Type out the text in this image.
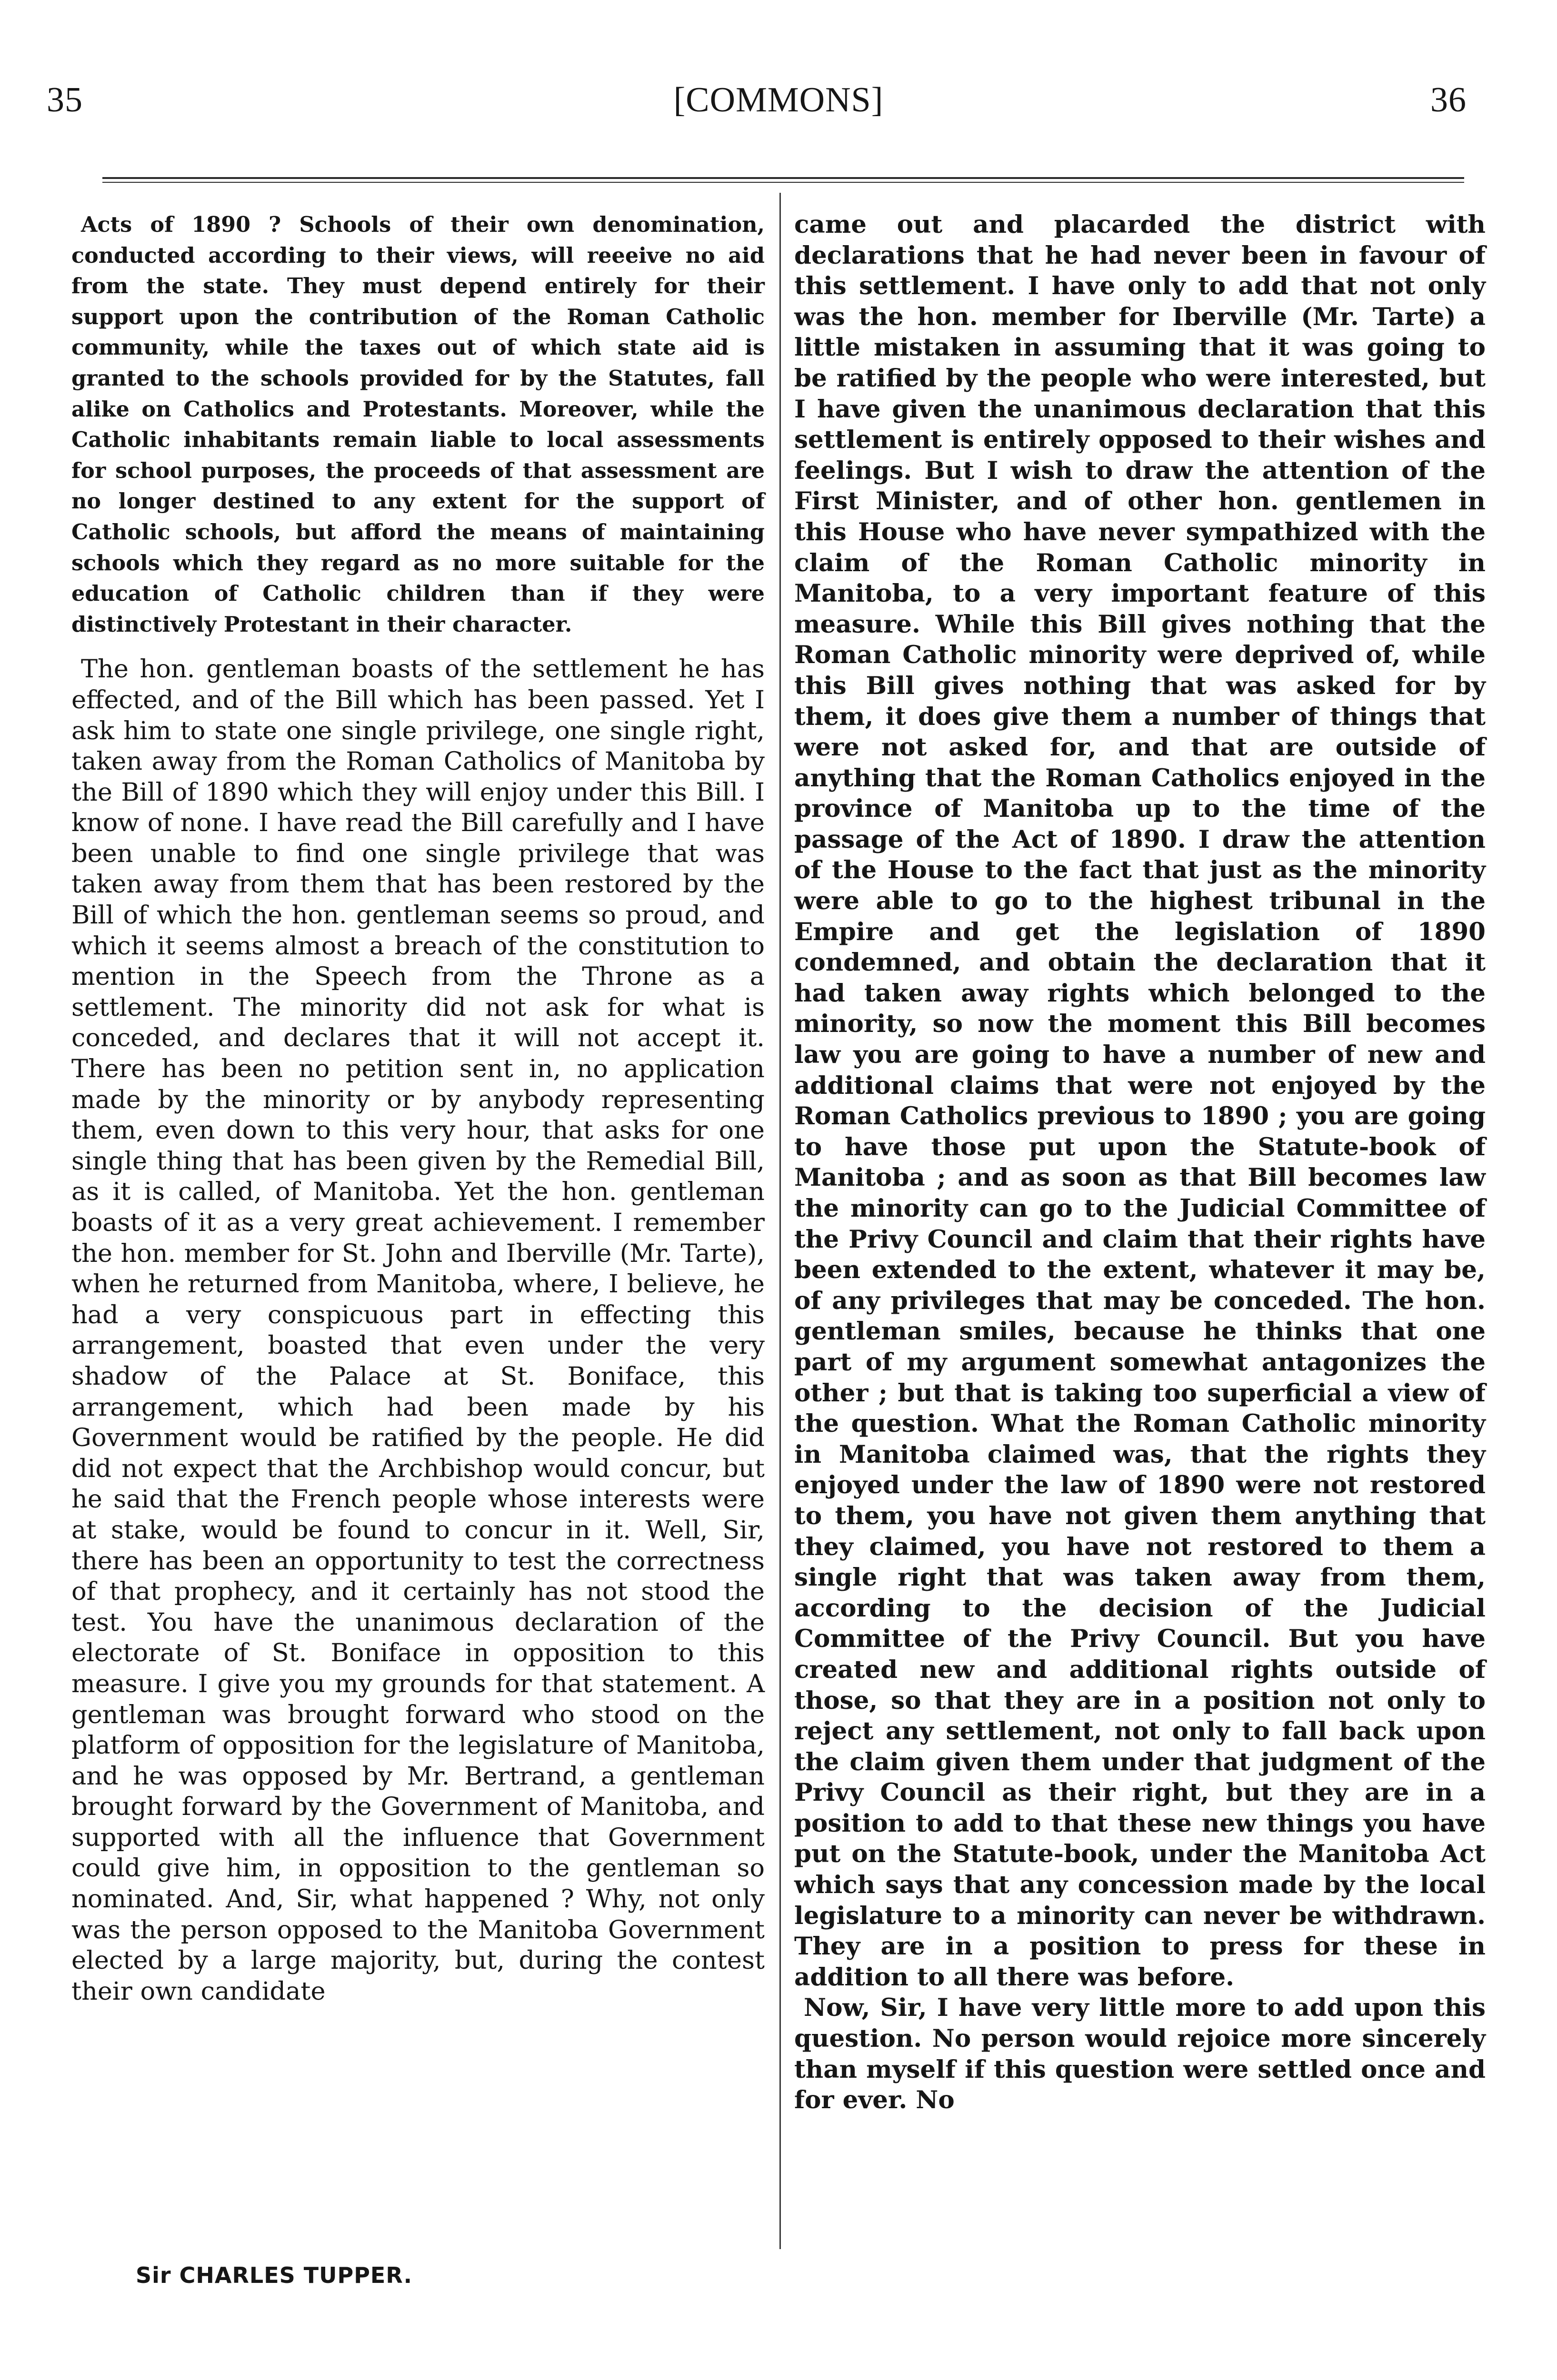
35	[COMMONS]	36

Acts of 1890 ? Schools of their own denomination, conducted according to their views, will reeeive no aid from the state. They must depend entirely for their support upon the contribution of the Roman Catholic community, while the taxes out of which state aid is granted to the schools provided for by the Statutes, fall alike on Catholics and Protestants. Moreover, while the Catholic inhabitants remain liable to local assessments for school purposes, the proceeds of that assessment are no longer destined to any extent for the support of Catholic schools, but afford the means of maintaining schools which they regard as no more suitable for the education of Catholic children than if they were distinctively Protestant in their character.

The hon. gentleman boasts of the settlement he has effected, and of the Bill which has been passed. Yet I ask him to state one single privilege, one single right, taken away from the Roman Catholics of Manitoba by the Bill of 1890 which they will enjoy under this Bill. I know of none. I have read the Bill carefully and I have been unable to find one single privilege that was taken away from them that has been restored by the Bill of which the hon. gentleman seems so proud, and which it seems almost a breach of the constitution to mention in the Speech from the Throne as a settlement. The minority did not ask for what is conceded, and declares that it will not accept it. There has been no petition sent in, no application made by the minority or by anybody representing them, even down to this very hour, that asks for one single thing that has been given by the Remedial Bill, as it is called, of Manitoba. Yet the hon. gentleman boasts of it as a very great achievement. I remember the hon. member for St. John and Iberville (Mr. Tarte), when he returned from Manitoba, where, I believe, he had a very conspicuous part in effecting this arrangement, boasted that even under the very shadow of the Palace at St. Boniface, this arrangement, which had been made by his Government would be ratified by the people. He did did not expect that the Archbishop would concur, but he said that the French people whose interests were at stake, would be found to concur in it. Well, Sir, there has been an opportunity to test the correctness of that prophecy, and it certainly has not stood the test. You have the unanimous declaration of the electorate of St. Boniface in opposition to this measure. I give you my grounds for that statement. A gentleman was brought forward who stood on the platform of opposition for the legislature of Manitoba, and he was opposed by Mr. Bertrand, a gentleman brought forward by the Government of Manitoba, and supported with all the influence that Government could give him, in opposition to the gentleman so nominated. And, Sir, what happened ? Why, not only was the person opposed to the Manitoba Government elected by a large majority, but, during the contest their own candidate

came out and placarded the district with declarations that he had never been in favour of this settlement. I have only to add that not only was the hon. member for Iberville (Mr. Tarte) a little mistaken in assuming that it was going to be ratified by the people who were interested, but I have given the unanimous declaration that this settlement is entirely opposed to their wishes and feelings. But I wish to draw the attention of the First Minister, and of other hon. gentlemen in this House who have never sympathized with the claim of the Roman Catholic minority in Manitoba, to a very important feature of this measure. While this Bill gives nothing that the Roman Catholic minority were deprived of, while this Bill gives nothing that was asked for by them, it does give them a number of things that were not asked for, and that are outside of anything that the Roman Catholics enjoyed in the province of Manitoba up to the time of the passage of the Act of 1890. I draw the attention of the House to the fact that just as the minority were able to go to the highest tribunal in the Empire and get the legislation of 1890 condemned, and obtain the declaration that it had taken away rights which belonged to the minority, so now the moment this Bill becomes law you are going to have a number of new and additional claims that were not enjoyed by the Roman Catholics previous to 1890 ; you are going to have those put upon the Statute-book of Manitoba ; and as soon as that Bill becomes law the minority can go to the Judicial Committee of the Privy Council and claim that their rights have been extended to the extent, whatever it may be, of any privileges that may be conceded. The hon. gentleman smiles, because he thinks that one part of my argument somewhat antagonizes the other ; but that is taking too superficial a view of the question. What the Roman Catholic minority in Manitoba claimed was, that the rights they enjoyed under the law of 1890 were not restored to them, you have not given them anything that they claimed, you have not restored to them a single right that was taken away from them, according to the decision of the Judicial Committee of the Privy Council. But you have created new and additional rights outside of those, so that they are in a position not only to reject any settlement, not only to fall back upon the claim given them under that judgment of the Privy Council as their right, but they are in a position to add to that these new things you have put on the Statute-book, under the Manitoba Act which says that any concession made by the local legislature to a minority can never be withdrawn. They are in a position to press for these in addition to all there was before.

Now, Sir, I have very little more to add upon this question. No person would rejoice more sincerely than myself if this question were settled once and for ever. No

Sir CHARLES TUPPER.
